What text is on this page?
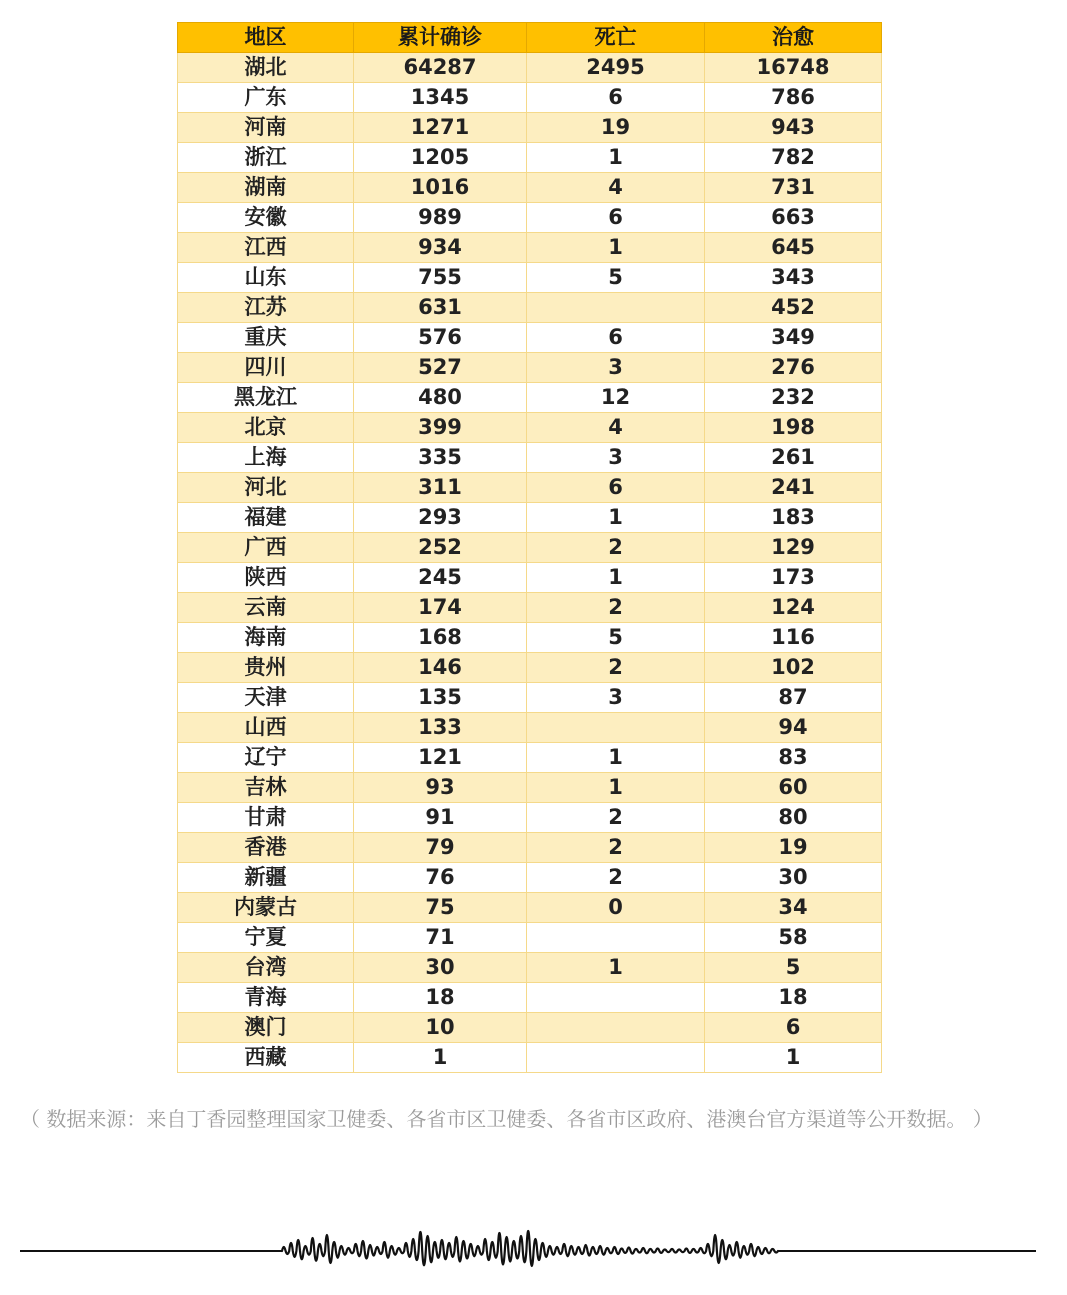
地区	累计确诊	死亡	治愈
湖北	64287	2495	16748
广东	1345	6	786
河南	1271	19	943
浙江	1205	1	782
湖南	1016	4	731
安徽	989	6	663
江西	934	1	645
山东	755	5	343
江苏	631		452
重庆	576	6	349
四川	527	3	276
黑龙江	480	12	232
北京	399	4	198
上海	335	3	261
河北	311	6	241
福建	293	1	183
广西	252	2	129
陕西	245	1	173
云南	174	2	124
海南	168	5	116
贵州	146	2	102
天津	135	3	87
山西	133		94
辽宁	121	1	83
吉林	93	1	60
甘肃	91	2	80
香港	79	2	19
新疆	76	2	30
内蒙古	75	0	34
宁夏	71		58
台湾	30	1	5
青海	18		18
澳门	10		6
西藏	1		1
（ 数据来源：来自丁香园整理国家卫健委、各省市区卫健委、各省市区政府、港澳台官方渠道等公开数据。 ）
